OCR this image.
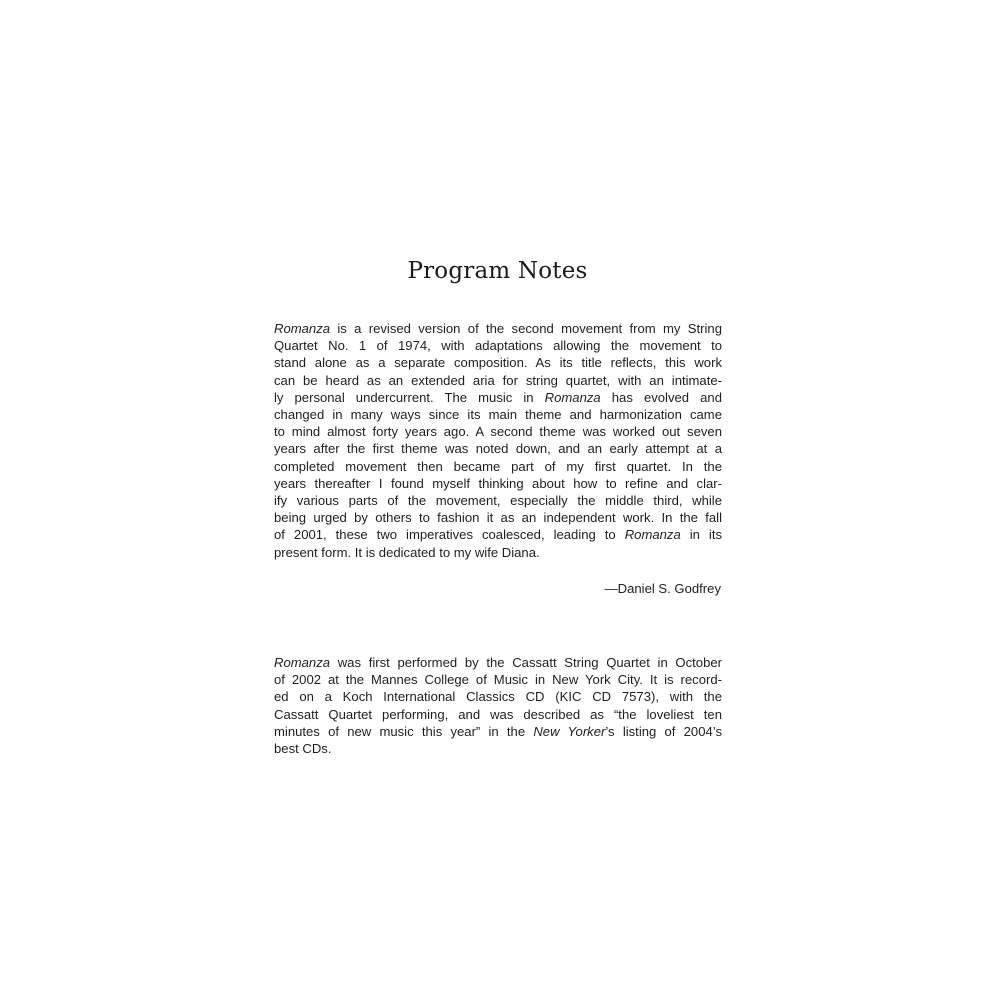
Program Notes
Romanza is a revised version of the second movement from my String
Quartet No. 1 of 1974, with adaptations allowing the movement to
stand alone as a separate composition. As its title reflects, this work
can be heard as an extended aria for string quartet, with an intimate-
ly personal undercurrent. The music in Romanza has evolved and
changed in many ways since its main theme and harmonization came
to mind almost forty years ago. A second theme was worked out seven
years after the first theme was noted down, and an early attempt at a
completed movement then became part of my first quartet. In the
years thereafter I found myself thinking about how to refine and clar-
ify various parts of the movement, especially the middle third, while
being urged by others to fashion it as an independent work. In the fall
of 2001, these two imperatives coalesced, leading to Romanza in its
present form. It is dedicated to my wife Diana.
—Daniel S. Godfrey
Romanza was first performed by the Cassatt String Quartet in October
of 2002 at the Mannes College of Music in New York City. It is record-
ed on a Koch International Classics CD (KIC CD 7573), with the
Cassatt Quartet performing, and was described as “the loveliest ten
minutes of new music this year” in the New Yorker’s listing of 2004’s
best CDs.
